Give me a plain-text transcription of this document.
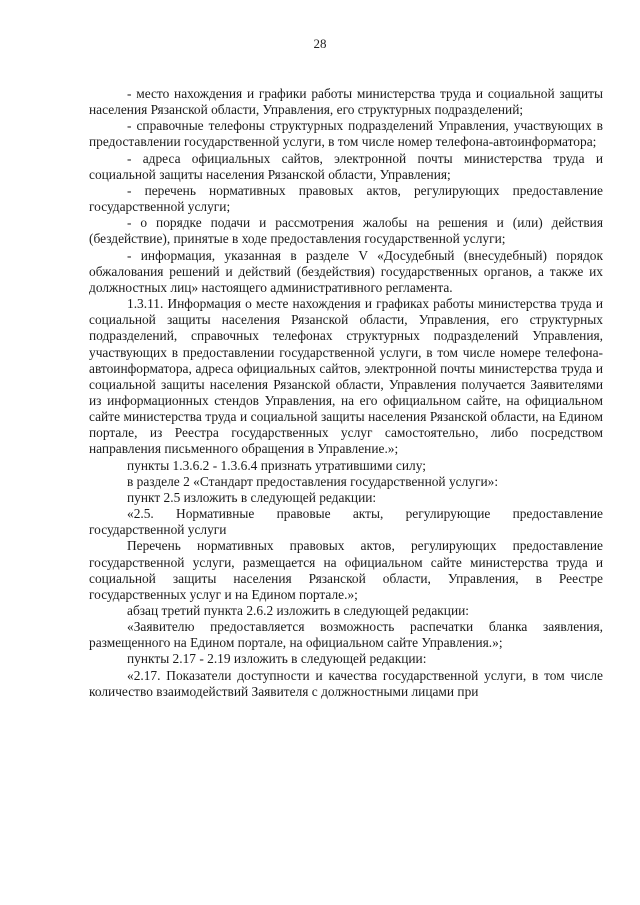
28

- место нахождения и графики работы министерства труда и социальной защиты населения Рязанской области, Управления, его структурных подразделений;

- справочные телефоны структурных подразделений Управления, участвующих в предоставлении государственной услуги, в том числе номер телефона-автоинформатора;

- адреса официальных сайтов, электронной почты министерства труда и социальной защиты населения Рязанской области, Управления;

- перечень нормативных правовых актов, регулирующих предоставление государственной услуги;

- о порядке подачи и рассмотрения жалобы на решения и (или) действия (бездействие), принятые в ходе предоставления государственной услуги;

- информация, указанная в разделе V «Досудебный (внесудебный) порядок обжалования решений и действий (бездействия) государственных органов, а также их должностных лиц» настоящего административного регламента.

1.3.11. Информация о месте нахождения и графиках работы министерства труда и социальной защиты населения Рязанской области, Управления, его структурных подразделений, справочных телефонах структурных подразделений Управления, участвующих в предоставлении государственной услуги, в том числе номере телефона-автоинформатора, адреса официальных сайтов, электронной почты министерства труда и социальной защиты населения Рязанской области, Управления получается Заявителями из информационных стендов Управления, на его официальном сайте, на официальном сайте министерства труда и социальной защиты населения Рязанской области, на Едином портале, из Реестра государственных услуг самостоятельно, либо посредством направления письменного обращения в Управление.»;

пункты 1.3.6.2 - 1.3.6.4 признать утратившими силу;

в разделе 2 «Стандарт предоставления государственной услуги»:

пункт 2.5 изложить в следующей редакции:

«2.5. Нормативные правовые акты, регулирующие предоставление государственной услуги

Перечень нормативных правовых актов, регулирующих предоставление государственной услуги, размещается на официальном сайте министерства труда и социальной защиты населения Рязанской области, Управления, в Реестре государственных услуг и на Едином портале.»;

абзац третий пункта 2.6.2 изложить в следующей редакции:

«Заявителю предоставляется возможность распечатки бланка заявления, размещенного на Едином портале, на официальном сайте Управления.»;

пункты 2.17 - 2.19 изложить в следующей редакции:

«2.17. Показатели доступности и качества государственной услуги, в том числе количество взаимодействий Заявителя с должностными лицами при
